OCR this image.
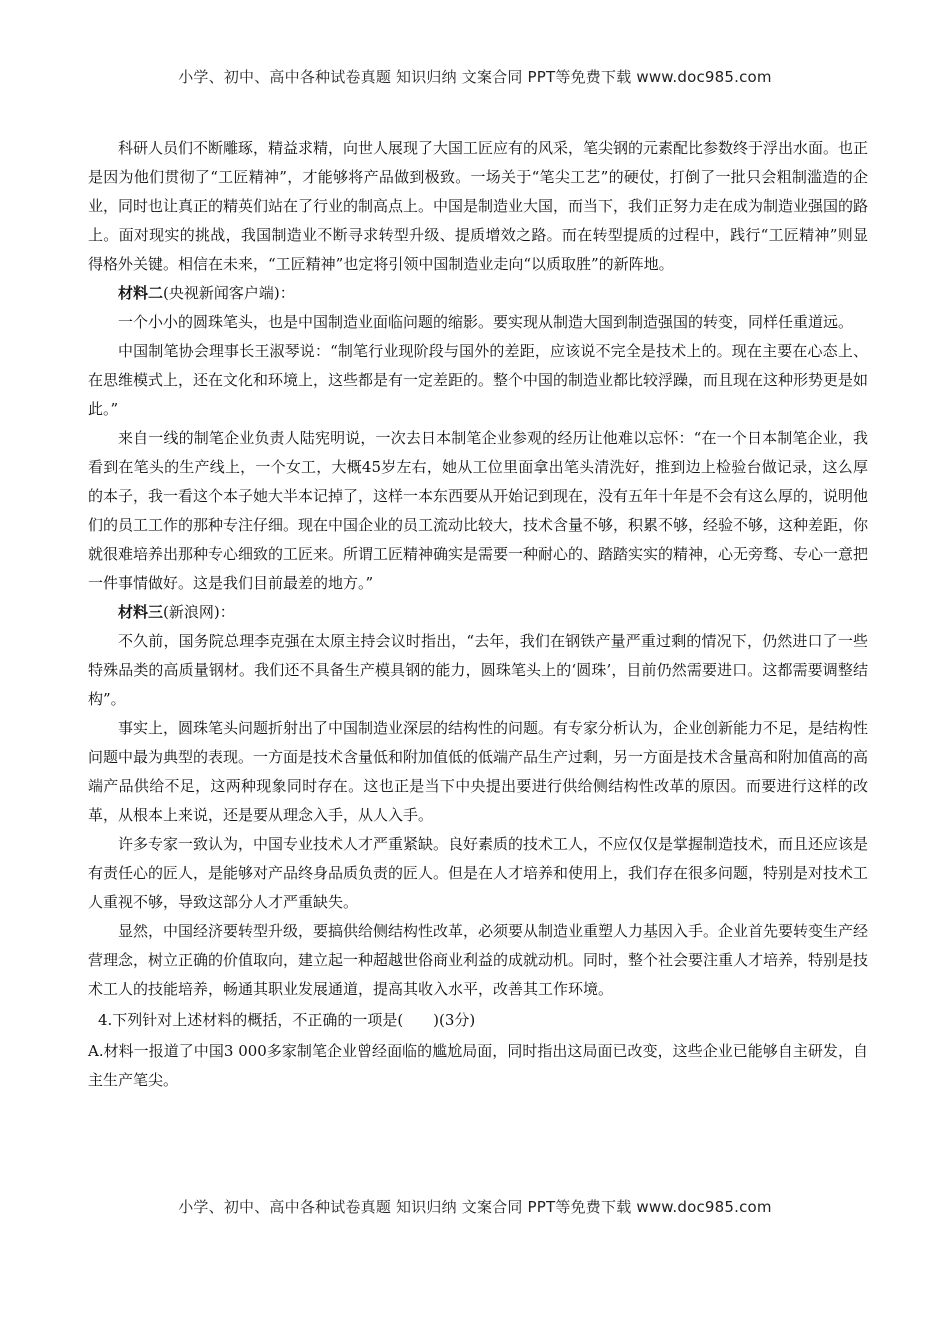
小学、初中、高中各种试卷真题 知识归纳 文案合同 PPT等免费下载 www.doc985.com

科研人员们不断雕琢，精益求精，向世人展现了大国工匠应有的风采，笔尖钢的元素配比参数终于浮出水面。也正是因为他们贯彻了“工匠精神”，才能够将产品做到极致。一场关于“笔尖工艺”的硬仗，打倒了一批只会粗制滥造的企业，同时也让真正的精英们站在了行业的制高点上。中国是制造业大国，而当下，我们正努力走在成为制造业强国的路上。面对现实的挑战，我国制造业不断寻求转型升级、提质增效之路。而在转型提质的过程中，践行“工匠精神”则显得格外关键。相信在未来，“工匠精神”也定将引领中国制造业走向“以质取胜”的新阵地。

材料二(央视新闻客户端)：

一个小小的圆珠笔头，也是中国制造业面临问题的缩影。要实现从制造大国到制造强国的转变，同样任重道远。

中国制笔协会理事长王淑琴说：“制笔行业现阶段与国外的差距，应该说不完全是技术上的。现在主要在心态上、在思维模式上，还在文化和环境上，这些都是有一定差距的。整个中国的制造业都比较浮躁，而且现在这种形势更是如此。”

来自一线的制笔企业负责人陆宪明说，一次去日本制笔企业参观的经历让他难以忘怀：“在一个日本制笔企业，我看到在笔头的生产线上，一个女工，大概45岁左右，她从工位里面拿出笔头清洗好，推到边上检验台做记录，这么厚的本子，我一看这个本子她大半本记掉了，这样一本东西要从开始记到现在，没有五年十年是不会有这么厚的，说明他们的员工工作的那种专注仔细。现在中国企业的员工流动比较大，技术含量不够，积累不够，经验不够，这种差距，你就很难培养出那种专心细致的工匠来。所谓工匠精神确实是需要一种耐心的、踏踏实实的精神，心无旁骛、专心一意把一件事情做好。这是我们目前最差的地方。”

材料三(新浪网)：

不久前，国务院总理李克强在太原主持会议时指出，“去年，我们在钢铁产量严重过剩的情况下，仍然进口了一些特殊品类的高质量钢材。我们还不具备生产模具钢的能力，圆珠笔头上的‘圆珠’，目前仍然需要进口。这都需要调整结构”。

事实上，圆珠笔头问题折射出了中国制造业深层的结构性的问题。有专家分析认为，企业创新能力不足，是结构性问题中最为典型的表现。一方面是技术含量低和附加值低的低端产品生产过剩，另一方面是技术含量高和附加值高的高端产品供给不足，这两种现象同时存在。这也正是当下中央提出要进行供给侧结构性改革的原因。而要进行这样的改革，从根本上来说，还是要从理念入手，从人入手。

许多专家一致认为，中国专业技术人才严重紧缺。良好素质的技术工人，不应仅仅是掌握制造技术，而且还应该是有责任心的匠人，是能够对产品终身品质负责的匠人。但是在人才培养和使用上，我们存在很多问题，特别是对技术工人重视不够，导致这部分人才严重缺失。

显然，中国经济要转型升级，要搞供给侧结构性改革，必须要从制造业重塑人力基因入手。企业首先要转变生产经营理念，树立正确的价值取向，建立起一种超越世俗商业利益的成就动机。同时，整个社会要注重人才培养，特别是技术工人的技能培养，畅通其职业发展通道，提高其收入水平，改善其工作环境。

4.下列针对上述材料的概括，不正确的一项是(　　)(3分)

A.材料一报道了中国3 000多家制笔企业曾经面临的尴尬局面，同时指出这局面已改变，这些企业已能够自主研发，自主生产笔尖。

小学、初中、高中各种试卷真题 知识归纳 文案合同 PPT等免费下载 www.doc985.com
